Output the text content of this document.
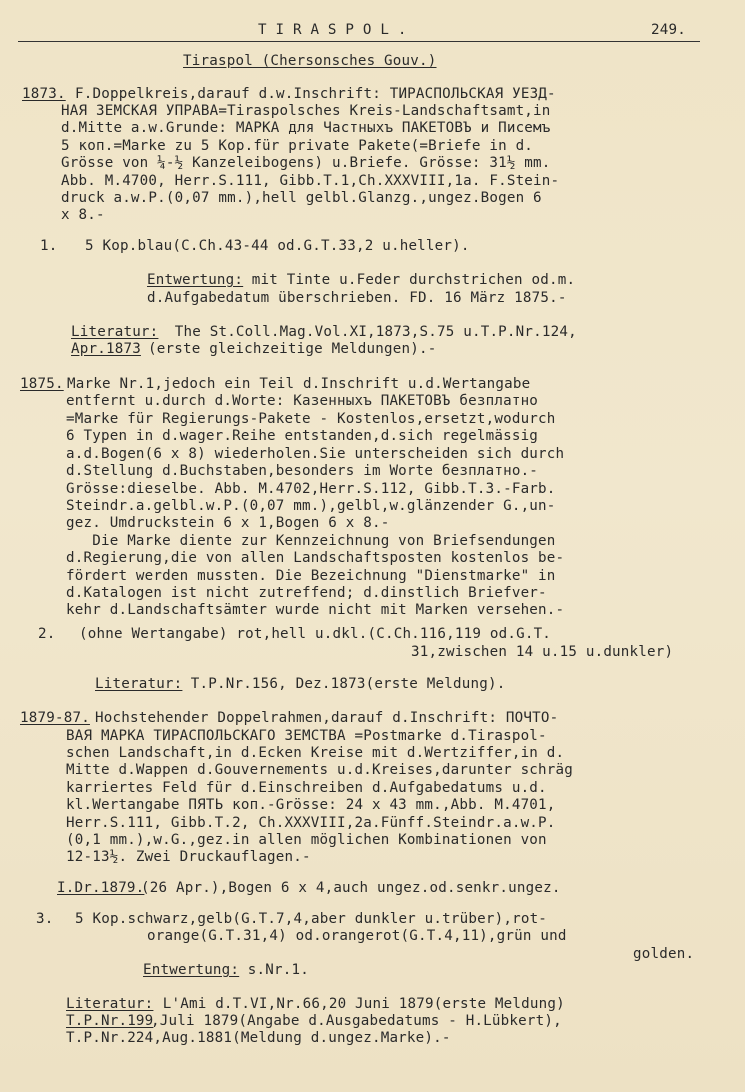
T I R A S P O L .	249.
Tiraspol (Chersonsches Gouv.)
1873. F.Doppelkreis,darauf d.w.Inschrift: ТИРАСПОЛЬСКАЯ УЕЗД-
НАЯ ЗЕМСКАЯ УПРАВА=Tiraspolsches Kreis-Landschaftsamt,in
d.Mitte a.w.Grunde: МАРКА для Частныхъ ПАКЕТОВЪ и Писемъ
5 коп.=Marke zu 5 Kop.für private Pakete(=Briefe in d.
Grösse von ¼-½ Kanzeleibogens) u.Briefe. Grösse: 31½ mm.
Abb. M.4700, Herr.S.111, Gibb.T.1,Ch.XXXVIII,1a. F.Stein-
druck a.w.P.(0,07 mm.),hell gelbl.Glanzg.,ungez.Bogen 6
x 8.-
1. 5 Kop.blau(C.Ch.43-44 od.G.T.33,2 u.heller).
Entwertung: mit Tinte u.Feder durchstrichen od.m.
d.Aufgabedatum überschrieben. FD. 16 März 1875.-
Literatur: The St.Coll.Mag.Vol.XI,1873,S.75 u.T.P.Nr.124,
Apr.1873 (erste gleichzeitige Meldungen).-
1875. Marke Nr.1,jedoch ein Teil d.Inschrift u.d.Wertangabe
entfernt u.durch d.Worte: Казенныхъ ПАКЕТОВЪ безплатно
=Marke für Regierungs-Pakete - Kostenlos,ersetzt,wodurch
6 Typen in d.wager.Reihe entstanden,d.sich regelmässig
a.d.Bogen(6 x 8) wiederholen.Sie unterscheiden sich durch
d.Stellung d.Buchstaben,besonders im Worte безплатно.-
Grösse:dieselbe. Abb. M.4702,Herr.S.112, Gibb.T.3.-Farb.
Steindr.a.gelbl.w.P.(0,07 mm.),gelbl,w.glänzender G.,un-
gez. Umdruckstein 6 x 1,Bogen 6 x 8.-
Die Marke diente zur Kennzeichnung von Briefsendungen
d.Regierung,die von allen Landschaftsposten kostenlos be-
fördert werden mussten. Die Bezeichnung "Dienstmarke" in
d.Katalogen ist nicht zutreffend; d.dinstlich Briefver-
kehr d.Landschaftsämter wurde nicht mit Marken versehen.-
2. (ohne Wertangabe) rot,hell u.dkl.(C.Ch.116,119 od.G.T.
31,zwischen 14 u.15 u.dunkler)
Literatur: T.P.Nr.156, Dez.1873(erste Meldung).
1879-87. Hochstehender Doppelrahmen,darauf d.Inschrift: ПОЧТО-
ВАЯ МАРКА ТИРАСПОЛЬСКАГО ЗЕМСТВА =Postmarke d.Tiraspol-
schen Landschaft,in d.Ecken Kreise mit d.Wertziffer,in d.
Mitte d.Wappen d.Gouvernements u.d.Kreises,darunter schräg
karriertes Feld für d.Einschreiben d.Aufgabedatums u.d.
kl.Wertangabe ПЯТЬ коп.-Grösse: 24 x 43 mm.,Abb. M.4701,
Herr.S.111, Gibb.T.2, Ch.XXXVIII,2a.Fünff.Steindr.a.w.P.
(0,1 mm.),w.G.,gez.in allen möglichen Kombinationen von
12-13½. Zwei Druckauflagen.-
I.Dr.1879.
(26 Apr.),Bogen 6 x 4,auch ungez.od.senkr.ungez.
3. 5 Kop.schwarz,gelb(G.T.7,4,aber dunkler u.trüber),rot-
orange(G.T.31,4) od.orangerot(G.T.4,11),grün und
golden.
Entwertung: s.Nr.1.
Literatur: L'Ami d.T.VI,Nr.66,20 Juni 1879(erste Meldung)
T.P.Nr.199
,Juli 1879(Angabe d.Ausgabedatums - H.Lübkert),
T.P.Nr.224,Aug.1881(Meldung d.ungez.Marke).-
